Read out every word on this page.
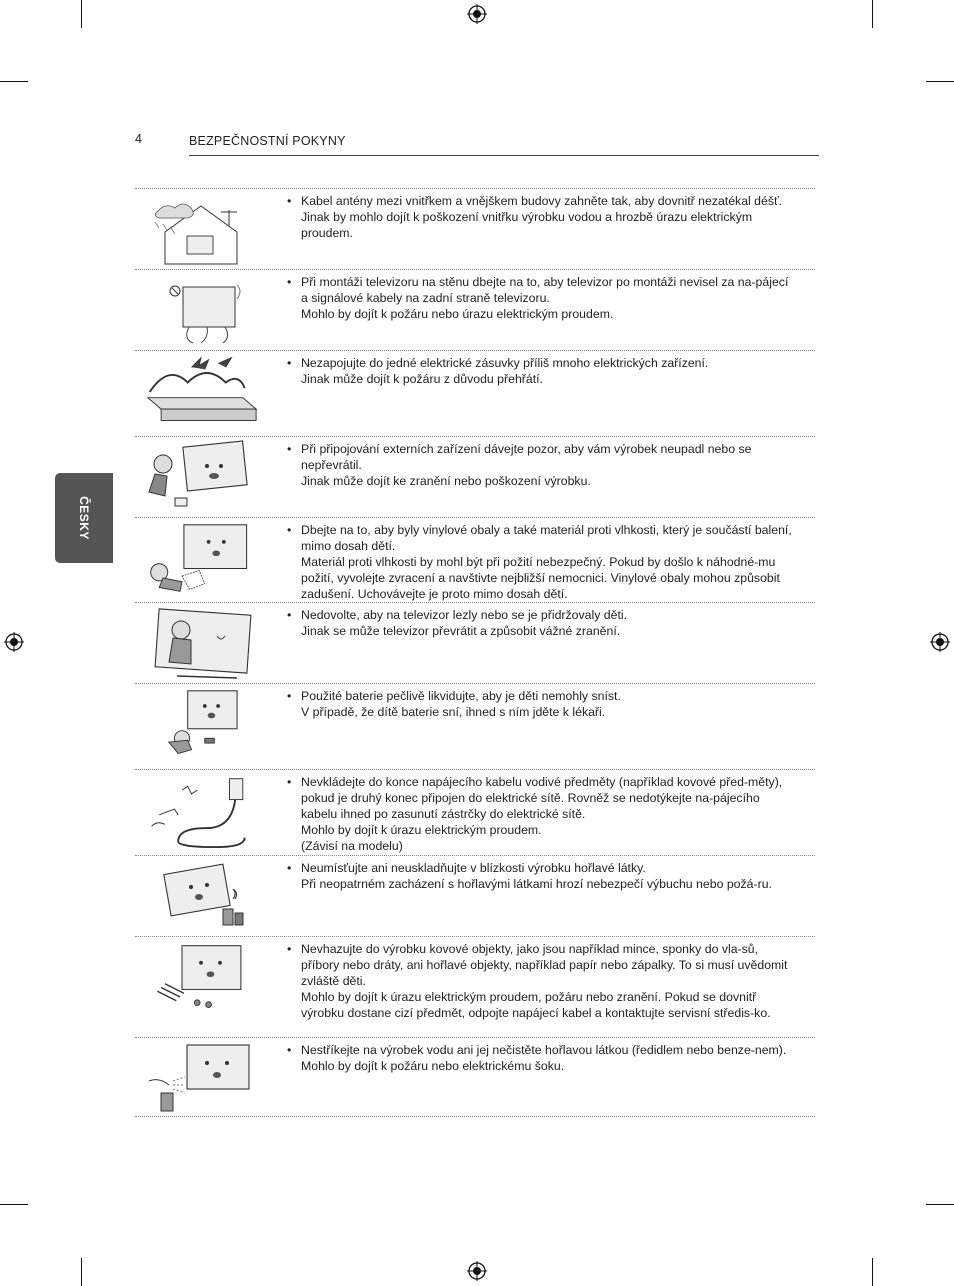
4	BEZPEČNOSTNÍ POKYNY
ČESKY

• Kabel antény mezi vnitřkem a vnějškem budovy zahněte tak, aby dovnitř nezatékal déšť.
Jinak by mohlo dojít k poškození vnitřku výrobku vodou a hrozbě úrazu elektrickým proudem.

• Při montáži televizoru na stěnu dbejte na to, aby televizor po montáži nevisel za na-pájecí a signálové kabely na zadní straně televizoru.
Mohlo by dojít k požáru nebo úrazu elektrickým proudem.

• Nezapojujte do jedné elektrické zásuvky příliš mnoho elektrických zařízení.
Jinak může dojít k požáru z důvodu přehřátí.

• Při připojování externích zařízení dávejte pozor, aby vám výrobek neupadl nebo se nepřevrátil.
Jinak může dojít ke zranění nebo poškození výrobku.

• Dbejte na to, aby byly vinylové obaly a také materiál proti vlhkosti, který je součástí balení, mimo dosah dětí.
Materiál proti vlhkosti by mohl být při požití nebezpečný. Pokud by došlo k náhodné-mu požití, vyvolejte zvracení a navštivte nejbližší nemocnici. Vinylové obaly mohou způsobit zadušení. Uchovávejte je proto mimo dosah dětí.

• Nedovolte, aby na televizor lezly nebo se je přidržovaly děti.
Jinak se může televizor převrátit a způsobit vážné zranění.

• Použité baterie pečlivě likvidujte, aby je děti nemohly sníst.
V případě, že dítě baterie sní, ihned s ním jděte k lékaři.

• Nevkládejte do konce napájecího kabelu vodivé předměty (například kovové před-měty), pokud je druhý konec připojen do elektrické sítě. Rovněž se nedotýkejte na-pájecího kabelu ihned po zasunutí zástrčky do elektrické sítě.
Mohlo by dojít k úrazu elektrickým proudem.
(Závisí na modelu)

• Neumísťujte ani neuskladňujte v blízkosti výrobku hořlavé látky.
Při neopatrném zacházení s hořlavými látkami hrozí nebezpečí výbuchu nebo požá-ru.

• Nevhazujte do výrobku kovové objekty, jako jsou například mince, sponky do vla-sů, příbory nebo dráty, ani hořlavé objekty, například papír nebo zápalky. To si musí uvědomit zvláště děti.
Mohlo by dojít k úrazu elektrickým proudem, požáru nebo zranění. Pokud se dovnitř výrobku dostane cizí předmět, odpojte napájecí kabel a kontaktujte servisní středis-ko.

• Nestříkejte na výrobek vodu ani jej nečistěte hořlavou látkou (ředidlem nebo benze-nem). Mohlo by dojít k požáru nebo elektrickému šoku.
